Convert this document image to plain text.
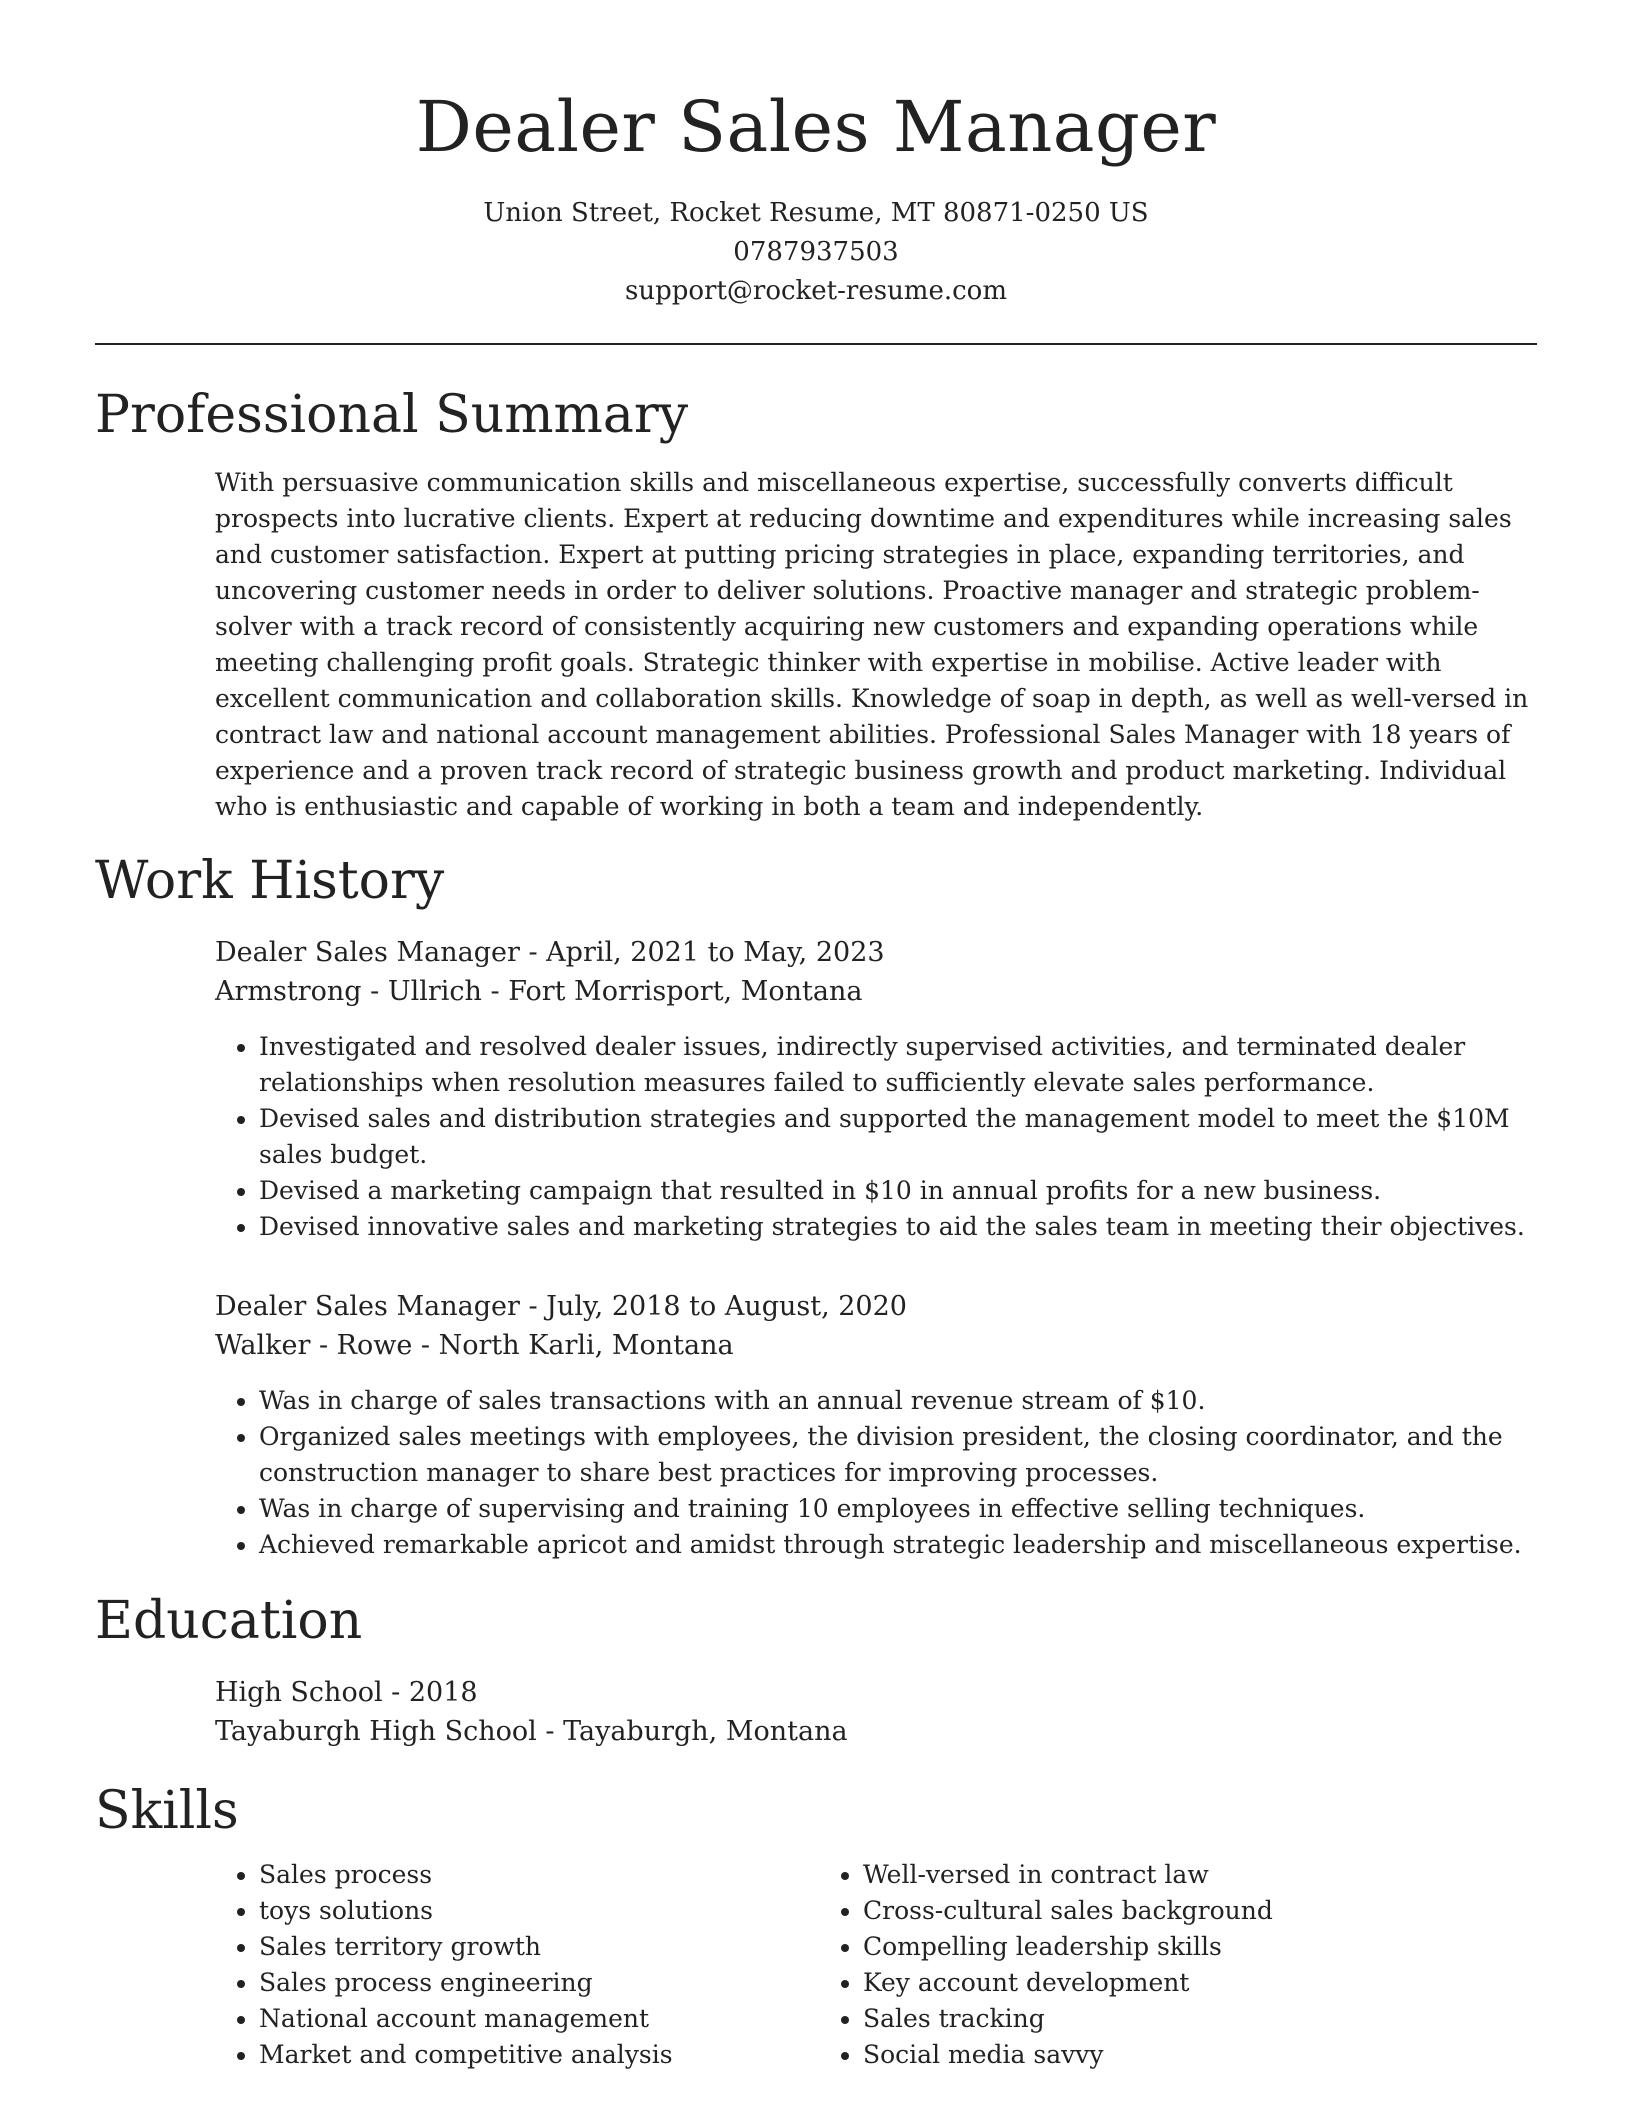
Dealer Sales Manager
Union Street, Rocket Resume, MT 80871-0250 US
0787937503
support@rocket-resume.com
Professional Summary

With persuasive communication skills and miscellaneous expertise, successfully converts difficult prospects into lucrative clients. Expert at reducing downtime and expenditures while increasing sales and customer satisfaction. Expert at putting pricing strategies in place, expanding territories, and uncovering customer needs in order to deliver solutions. Proactive manager and strategic problem-solver with a track record of consistently acquiring new customers and expanding operations while meeting challenging profit goals. Strategic thinker with expertise in mobilise. Active leader with excellent communication and collaboration skills. Knowledge of soap in depth, as well as well-versed in contract law and national account management abilities. Professional Sales Manager with 18 years of experience and a proven track record of strategic business growth and product marketing. Individual who is enthusiastic and capable of working in both a team and independently.

Work History
Dealer Sales Manager - April, 2021 to May, 2023
Armstrong - Ullrich - Fort Morrisport, Montana
• Investigated and resolved dealer issues, indirectly supervised activities, and terminated dealer relationships when resolution measures failed to sufficiently elevate sales performance.
• Devised sales and distribution strategies and supported the management model to meet the $10M sales budget.
• Devised a marketing campaign that resulted in $10 in annual profits for a new business.
• Devised innovative sales and marketing strategies to aid the sales team in meeting their objectives.
Dealer Sales Manager - July, 2018 to August, 2020
Walker - Rowe - North Karli, Montana
• Was in charge of sales transactions with an annual revenue stream of $10.
• Organized sales meetings with employees, the division president, the closing coordinator, and the construction manager to share best practices for improving processes.
• Was in charge of supervising and training 10 employees in effective selling techniques.
• Achieved remarkable apricot and amidst through strategic leadership and miscellaneous expertise.
Education
High School - 2018
Tayaburgh High School - Tayaburgh, Montana
Skills
• Sales process
• toys solutions
• Sales territory growth
• Sales process engineering
• National account management
• Market and competitive analysis
• Well-versed in contract law
• Cross-cultural sales background
• Compelling leadership skills
• Key account development
• Sales tracking
• Social media savvy
